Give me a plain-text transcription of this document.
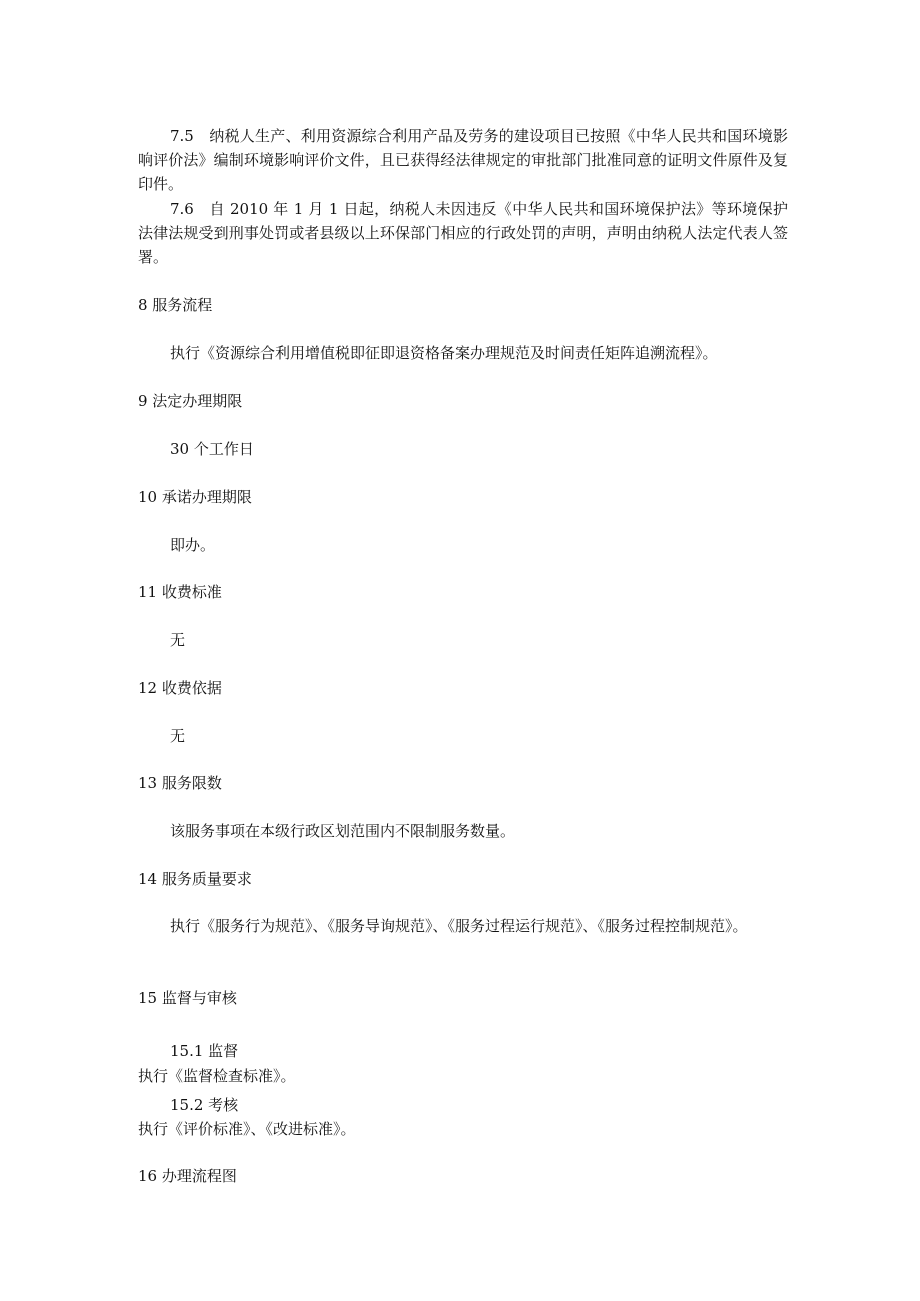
7.5　纳税人生产、利用资源综合利用产品及劳务的建设项目已按照《中华人民共和国环境影响评价法》编制环境影响评价文件，且已获得经法律规定的审批部门批准同意的证明文件原件及复印件。

7.6　自 2010 年 1 月 1 日起，纳税人未因违反《中华人民共和国环境保护法》等环境保护法律法规受到刑事处罚或者县级以上环保部门相应的行政处罚的声明，声明由纳税人法定代表人签署。

8 服务流程

执行《资源综合利用增值税即征即退资格备案办理规范及时间责任矩阵追溯流程》。

9 法定办理期限

30 个工作日

10 承诺办理期限

即办。

11 收费标准

无

12 收费依据

无

13 服务限数

该服务事项在本级行政区划范围内不限制服务数量。

14 服务质量要求

执行《服务行为规范》、《服务导询规范》、《服务过程运行规范》、《服务过程控制规范》。

15 监督与审核

15.1 监督

执行《监督检查标准》。

15.2 考核

执行《评价标准》、《改进标准》。

16 办理流程图
